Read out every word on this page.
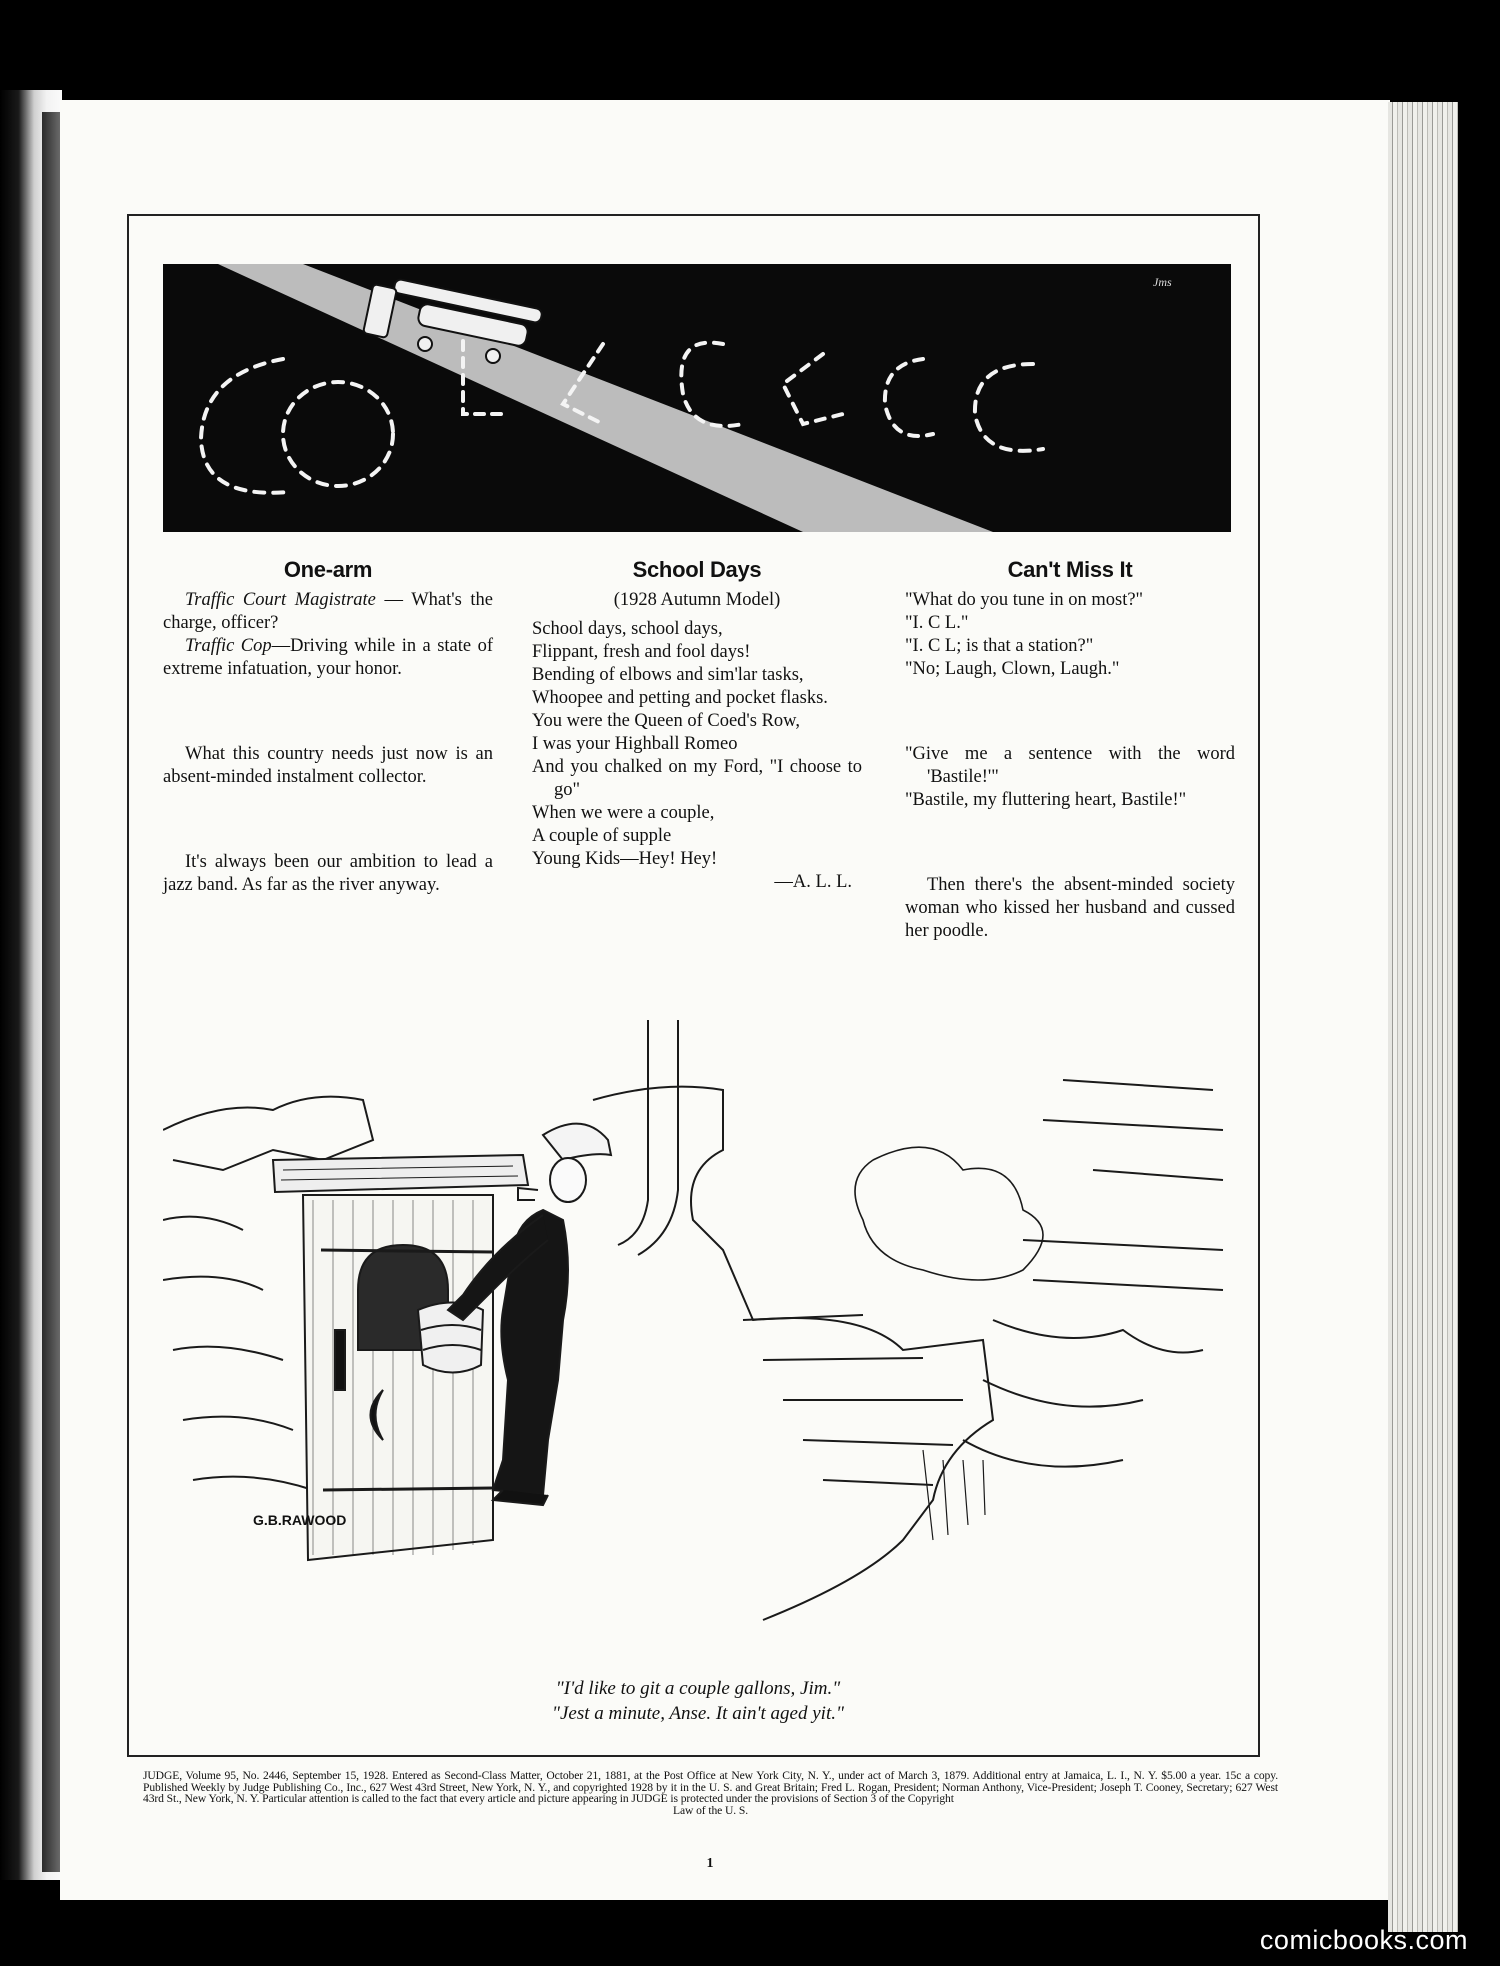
Jms
One-arm

Traffic Court Magistrate — What's the charge, officer?

Traffic Cop—Driving while in a state of extreme infatuation, your honor.

What this country needs just now is an absent-minded instalment collector.

It's always been our ambition to lead a jazz band. As far as the river anyway.

School Days

(1928 Autumn Model)

School days, school days,

Flippant, fresh and fool days!

Bending of elbows and sim'lar tasks,

Whoopee and petting and pocket flasks.

You were the Queen of Coed's Row,

I was your Highball Romeo

And you chalked on my Ford, "I choose to go"

When we were a couple,

A couple of supple

Young Kids—Hey! Hey!

—A. L. L.

Can't Miss It

"What do you tune in on most?"

"I. C L."

"I. C L; is that a station?"

"No; Laugh, Clown, Laugh."

"Give me a sentence with the word 'Bastile!'"

"Bastile, my fluttering heart, Bastile!"

Then there's the absent-minded society woman who kissed her husband and cussed her poodle.

G.B.RAWOOD
"I'd like to git a couple gallons, Jim."
"Jest a minute, Anse. It ain't aged yit."
JUDGE, Volume 95, No. 2446, September 15, 1928. Entered as Second-Class Matter, October 21, 1881, at the Post Office at New York City, N. Y., under act of March 3, 1879. Additional entry at Jamaica, L. I., N. Y. $5.00 a year. 15c a copy. Published Weekly by Judge Publishing Co., Inc., 627 West 43rd Street, New York, N. Y., and copyrighted 1928 by it in the U. S. and Great Britain; Fred L. Rogan, President; Norman Anthony, Vice-President; Joseph T. Cooney, Secretary; 627 West 43rd St., New York, N. Y. Particular attention is called to the fact that every article and picture appearing in JUDGE is protected under the provisions of Section 3 of the Copyright
Law of the U. S.
1
comicbooks.com
